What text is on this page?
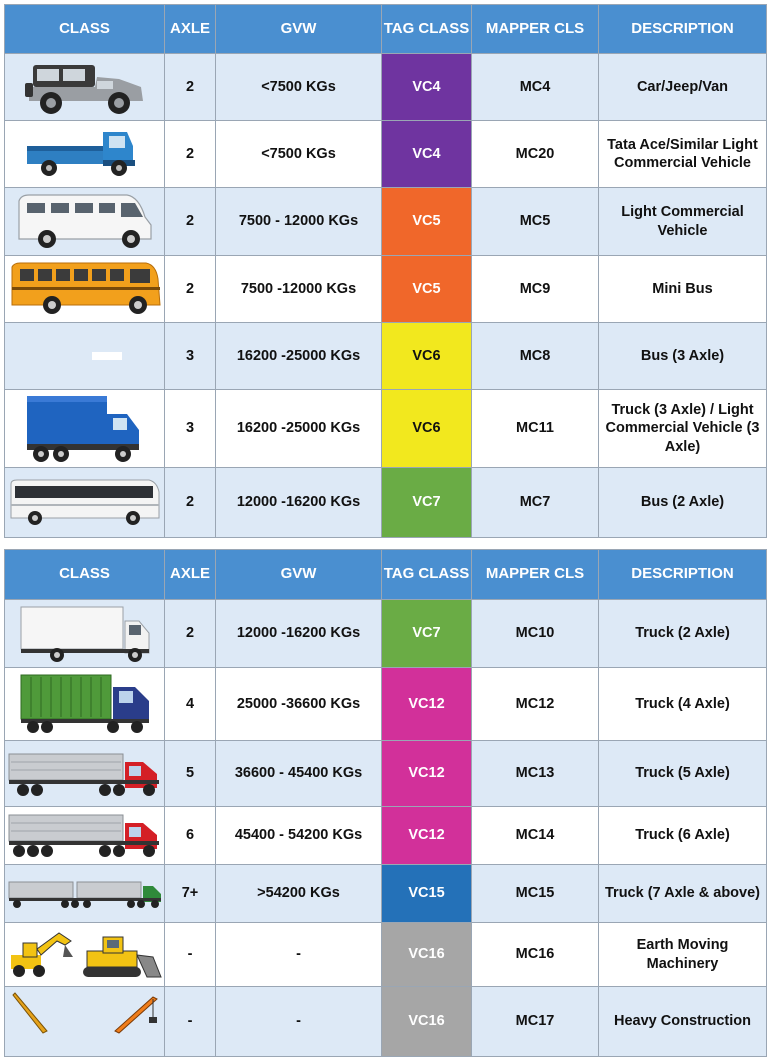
CLASS	AXLE	GVW	TAG CLASS	MAPPER CLS	DESCRIPTION

	2	<7500 KGs	VC4	MC4	Car/Jeep/Van

	2	<7500 KGs	VC4	MC20	Tata Ace/Similar Light Commercial Vehicle

	2	7500 - 12000 KGs	VC5	MC5	Light Commercial Vehicle

	2	7500 -12000 KGs	VC5	MC9	Mini Bus

	3	16200 -25000 KGs	VC6	MC8	Bus (3 Axle)

	3	16200 -25000 KGs	VC6	MC11	Truck (3 Axle) / Light Commercial Vehicle (3 Axle)

	2	12000 -16200 KGs	VC7	MC7	Bus (2 Axle)
CLASS	AXLE	GVW	TAG CLASS	MAPPER CLS	DESCRIPTION

	2	12000 -16200 KGs	VC7	MC10	Truck (2 Axle)

	4	25000 -36600 KGs	VC12	MC12	Truck (4 Axle)

	5	36600 - 45400 KGs	VC12	MC13	Truck (5 Axle)

	6	45400 - 54200 KGs	VC12	MC14	Truck (6 Axle)

	7+	>54200 KGs	VC15	MC15	Truck (7 Axle & above)

	-	-	VC16	MC16	Earth Moving Machinery

	-	-	VC16	MC17	Heavy Construction
